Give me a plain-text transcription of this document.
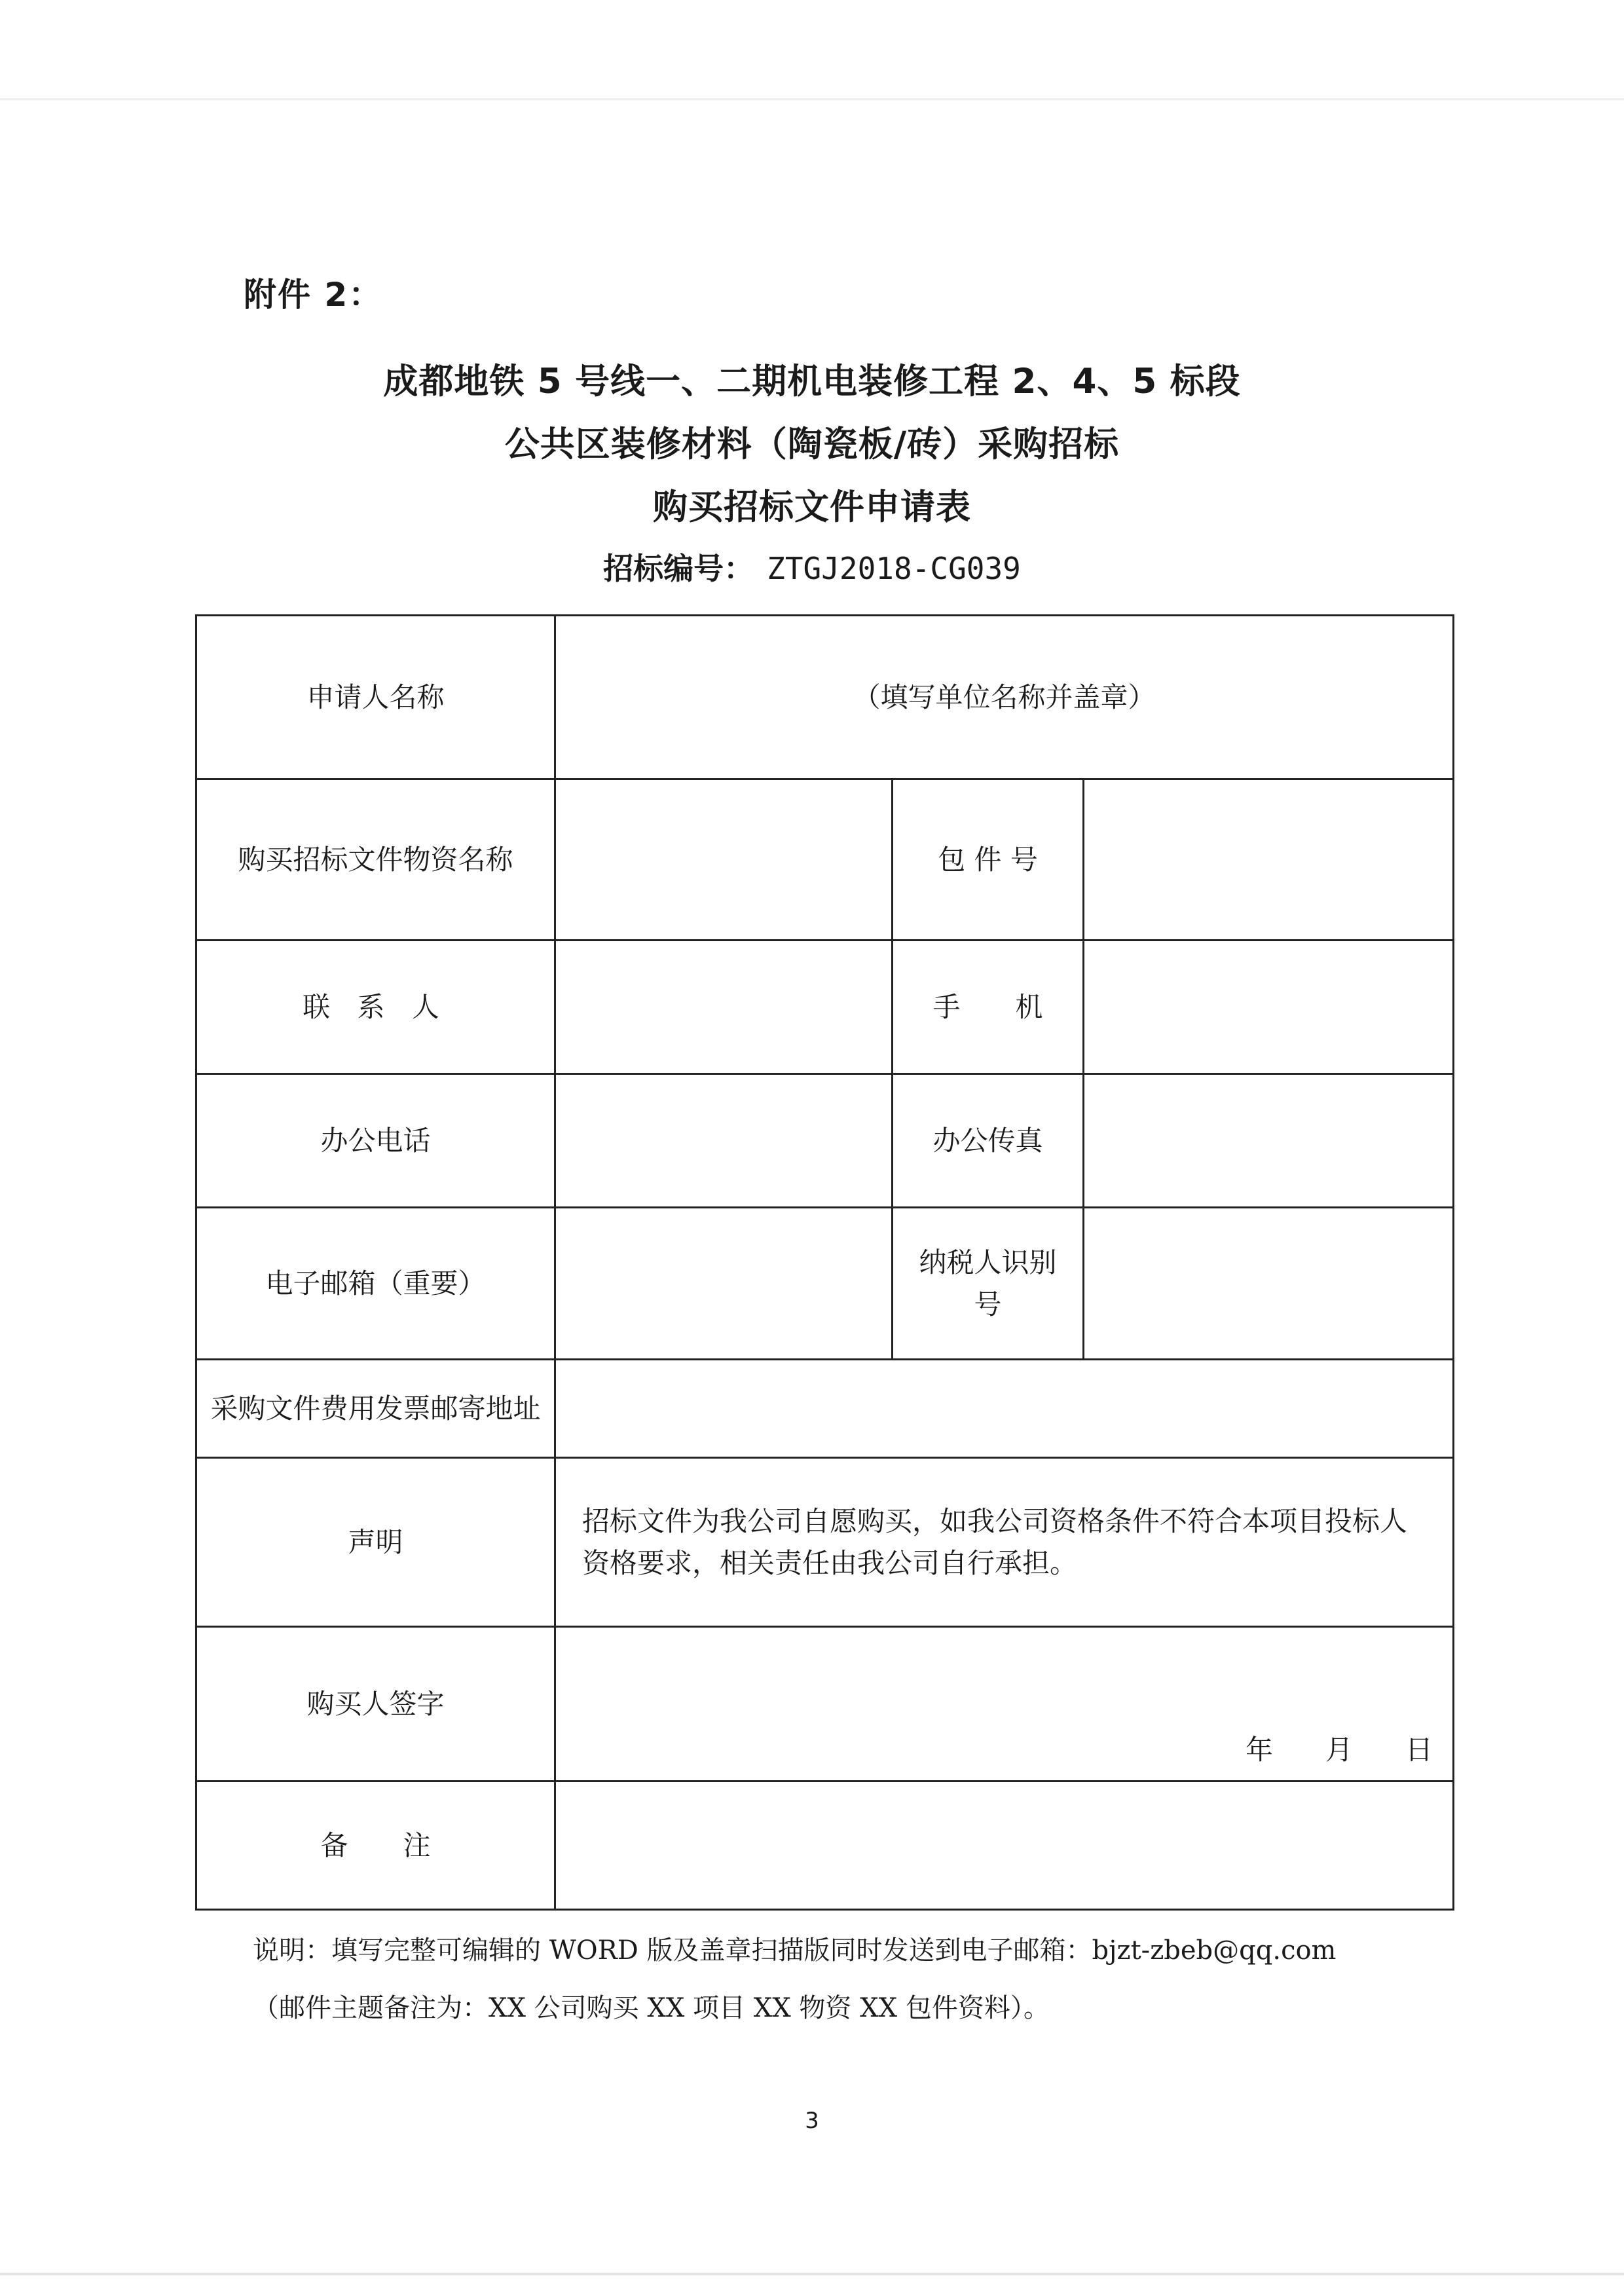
附件 2：
成都地铁 5 号线一、二期机电装修工程 2、4、5 标段
公共区装修材料（陶瓷板/砖）采购招标
购买招标文件申请表
招标编号： ZTGJ2018-CG039
申请人名称	（填写单位名称并盖章）		
购买招标文件物资名称		包 件 号	
联 系 人		手　　机	
办公电话		办公传真	
电子邮箱（重要）		纳税人识别号	
采购文件费用发票邮寄地址			
声明	招标文件为我公司自愿购买，如我公司资格条件不符合本项目投标人资格要求，相关责任由我公司自行承担。		
购买人签字	年 月 日		

备　　注			
说明：填写完整可编辑的 WORD 版及盖章扫描版同时发送到电子邮箱：bjzt-zbeb@qq.com
（邮件主题备注为：XX 公司购买 XX 项目 XX 物资 XX 包件资料）。
3
